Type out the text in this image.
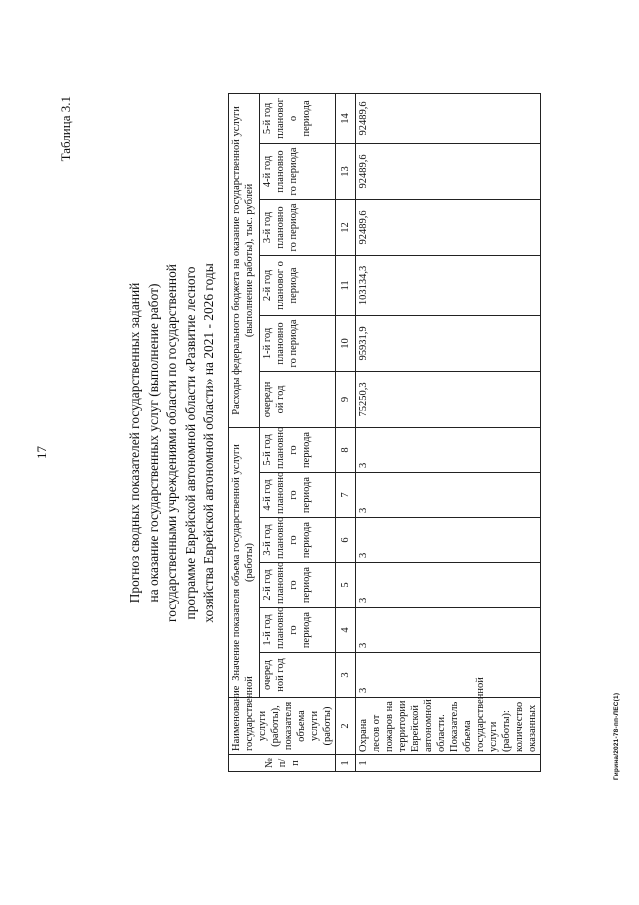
Гирина/2021-78-пп-ЛЕС(1)
17
Таблица 3.1
Прогноз сводных показателей государственных заданий на оказание государственных услуг (выполнение работ) государственными учреждениями области по государственной программе Еврейской автономной области «Развитие лесного хозяйства Еврейской автономной области» на 2021 - 2026 годы
№ п/п	Наименование государственной услуги (работы), показателя объема услуги (работы)	Значение показателя объема государственной услуги (работы)						Расходы федерального бюджета на оказание государственной услуги (выполнение работы), тыс. рублей					
		очеред ной год	1-й год плановно го периода	2-й год плановно го периода	3-й год плановно го периода	4-й год плановно го периода	5-й год плановно го периода	очередн ой год	1-й год плановно го периода	2-й год плановог о периода	3-й год плановно го периода	4-й год плановно го периода	5-й год плановог о периода
1	2	3	4	5	6	7	8	9	10	11	12	13	14
1	Охрана лесов от пожаров на территории Еврейской автономной области. Показатель объема государственной услуги (работы): количество оказанных	3	3	3	3	3	3	75250,3	95931,9	103134,3	92489,6	92489,6	92489,6
